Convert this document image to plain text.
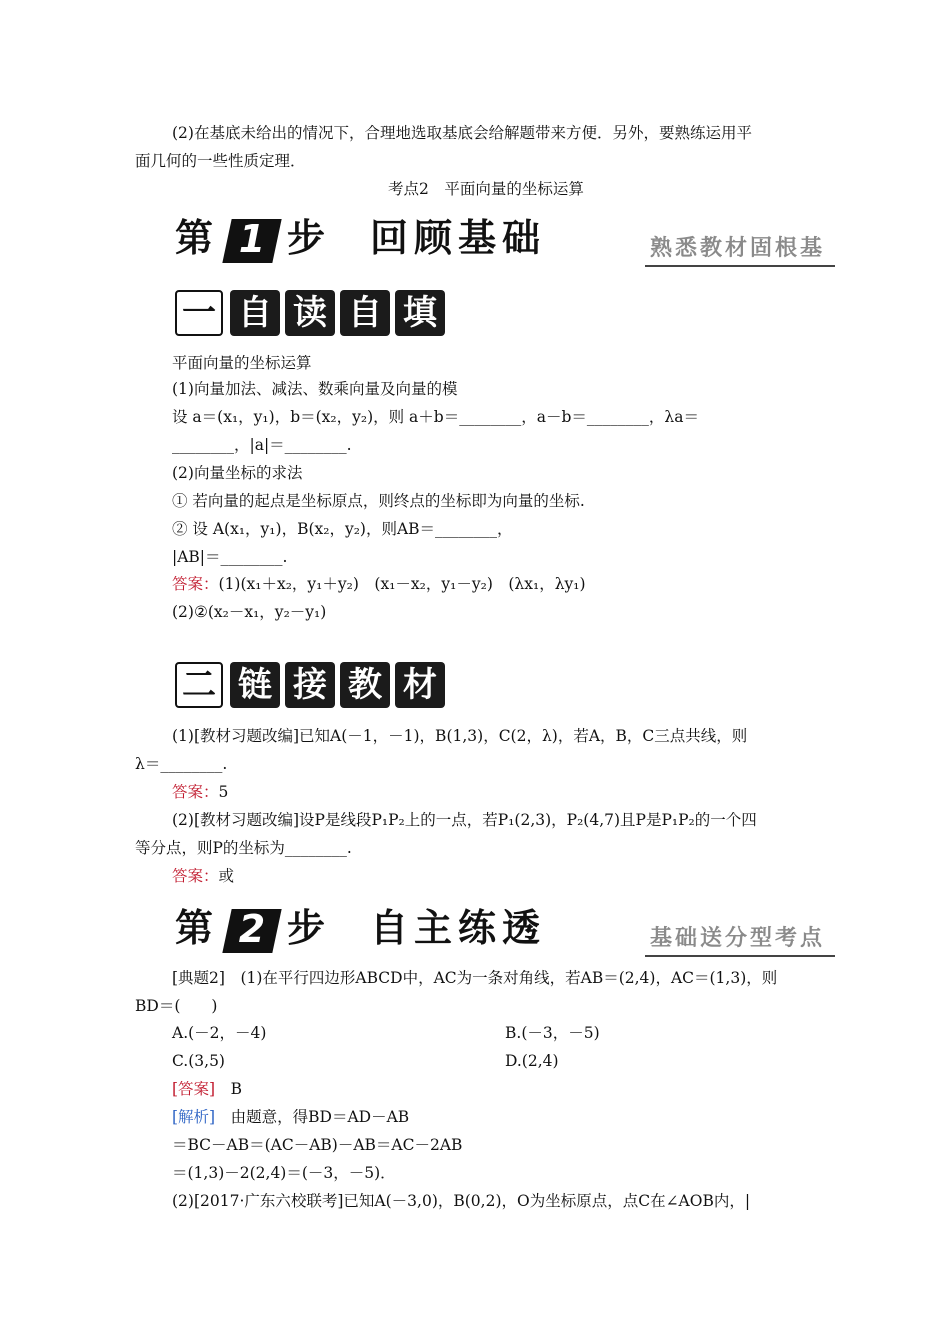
(2)在基底未给出的情况下，合理地选取基底会给解题带来方便．另外，要熟练运用平
面几何的一些性质定理．
考点2　平面向量的坐标运算
第 1 步 回顾基础	熟悉教材固根基
一 自 读 自 填
平面向量的坐标运算
(1)向量加法、减法、数乘向量及向量的模
设 a＝(x₁，y₁)，b＝(x₂，y₂)，则 a＋b＝________，a－b＝________，λa＝
________，|a|＝________.
(2)向量坐标的求法
① 若向量的起点是坐标原点，则终点的坐标即为向量的坐标.
② 设 A(x₁，y₁)，B(x₂，y₂)，则AB＝________，
|AB|＝________.
答案：(1)(x₁＋x₂，y₁＋y₂)　(x₁－x₂，y₁－y₂)　(λx₁，λy₁)
(2)②(x₂－x₁，y₂－y₁)
二 链 接 教 材
(1)[教材习题改编]已知A(－1，－1)，B(1,3)，C(2，λ)，若A，B，C三点共线，则
λ＝________.
答案：5
(2)[教材习题改编]设P是线段P₁P₂上的一点，若P₁(2,3)，P₂(4,7)且P是P₁P₂的一个四
等分点，则P的坐标为________.
答案：或
第 2 步 自主练透	基础送分型考点
[典题2]　(1)在平行四边形ABCD中，AC为一条对角线，若AB＝(2,4)，AC＝(1,3)，则
BD＝(　　)
A.(－2，－4)	B.(－3，－5)
C.(3,5)	D.(2,4)
[答案]　 B
[解析]　 由题意，得BD＝AD－AB
＝BC－AB＝(AC－AB)－AB＝AC－2AB
＝(1,3)－2(2,4)＝(－3，－5)．
(2)[2017·广东六校联考]已知A(－3,0)，B(0,2)，O为坐标原点，点C在∠AOB内，|
